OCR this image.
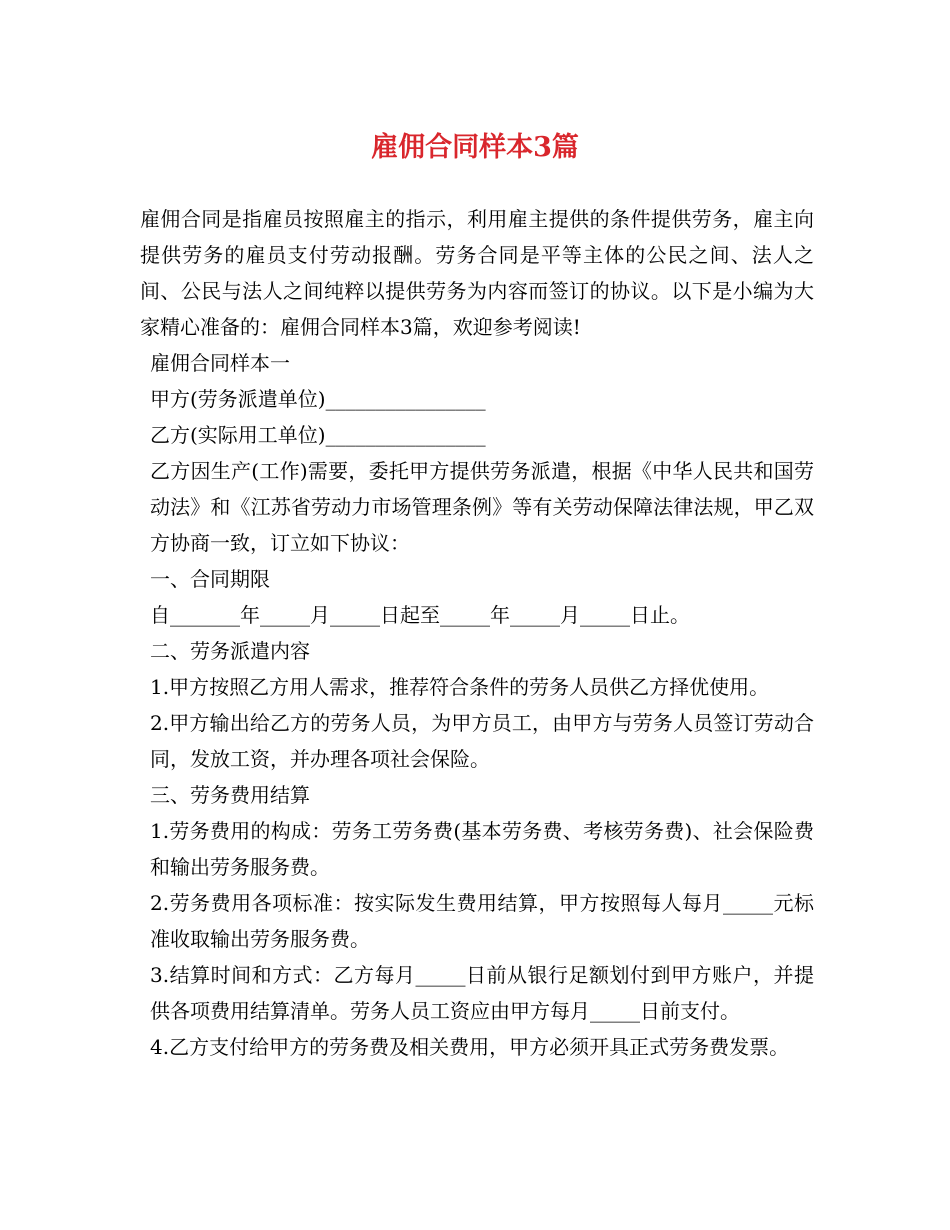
雇佣合同样本3篇

雇佣合同是指雇员按照雇主的指示，利用雇主提供的条件提供劳务，雇主向提供劳务的雇员支付劳动报酬。劳务合同是平等主体的公民之间、法人之间、公民与法人之间纯粹以提供劳务为内容而签订的协议。以下是小编为大家精心准备的：雇佣合同样本3篇，欢迎参考阅读!

雇佣合同样本一

甲方(劳务派遣单位)________________

乙方(实际用工单位)________________

乙方因生产(工作)需要，委托甲方提供劳务派遣，根据《中华人民共和国劳动法》和《江苏省劳动力市场管理条例》等有关劳动保障法律法规，甲乙双方协商一致，订立如下协议：

一、合同期限

自_______年_____月_____日起至_____年_____月_____日止。

二、劳务派遣内容

1.甲方按照乙方用人需求，推荐符合条件的劳务人员供乙方择优使用。

2.甲方输出给乙方的劳务人员，为甲方员工，由甲方与劳务人员签订劳动合同，发放工资，并办理各项社会保险。

三、劳务费用结算

1.劳务费用的构成：劳务工劳务费(基本劳务费、考核劳务费)、社会保险费和输出劳务服务费。

2.劳务费用各项标准：按实际发生费用结算，甲方按照每人每月_____元标准收取输出劳务服务费。

3.结算时间和方式：乙方每月_____日前从银行足额划付到甲方账户，并提供各项费用结算清单。劳务人员工资应由甲方每月_____日前支付。

4.乙方支付给甲方的劳务费及相关费用，甲方必须开具正式劳务费发票。
